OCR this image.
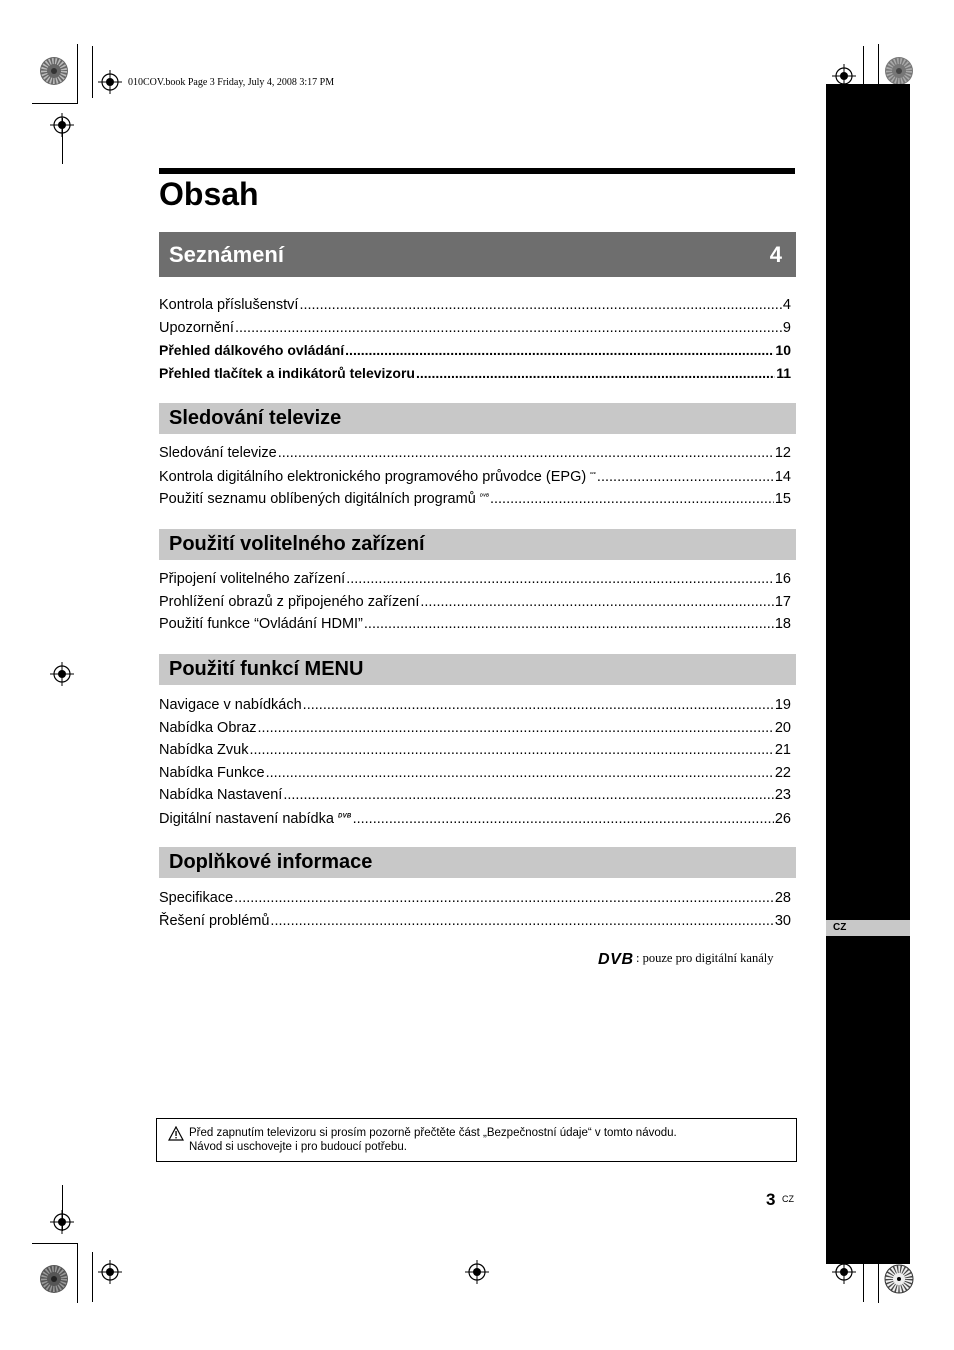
010COV.book Page 3 Friday, July 4, 2008 3:17 PM
CZ
Obsah
Seznámení	4
Kontrola příslušenství .....	4
Upozornění .....	9
Přehled dálkového ovládání .....	10
Přehled tlačítek a indikátorů televizoru .....	11
Sledování televize
Sledování televize .....	12
Kontrola digitálního elektronického programového průvodce (EPG) DVB .....	14
Použití seznamu oblíbených digitálních programů DVB .....	15
Použití volitelného zařízení
Připojení volitelného zařízení .....	16
Prohlížení obrazů z připojeného zařízení .....	17
Použití funkce “Ovládání HDMI” .....	18
Použití funkcí MENU
Navigace v nabídkách .....	19
Nabídka Obraz .....	20
Nabídka Zvuk .....	21
Nabídka Funkce .....	22
Nabídka Nastavení .....	23
Digitální nastavení nabídka DVB .....	26
Doplňkové informace
Specifikace .....	28
Řešení problémů .....	30
DVB : pouze pro digitální kanály
Před zapnutím televizoru si prosím pozorně přečtěte část „Bezpečnostní údaje“ v tomto návodu.
Návod si uschovejte i pro budoucí potřebu.
3 CZ
